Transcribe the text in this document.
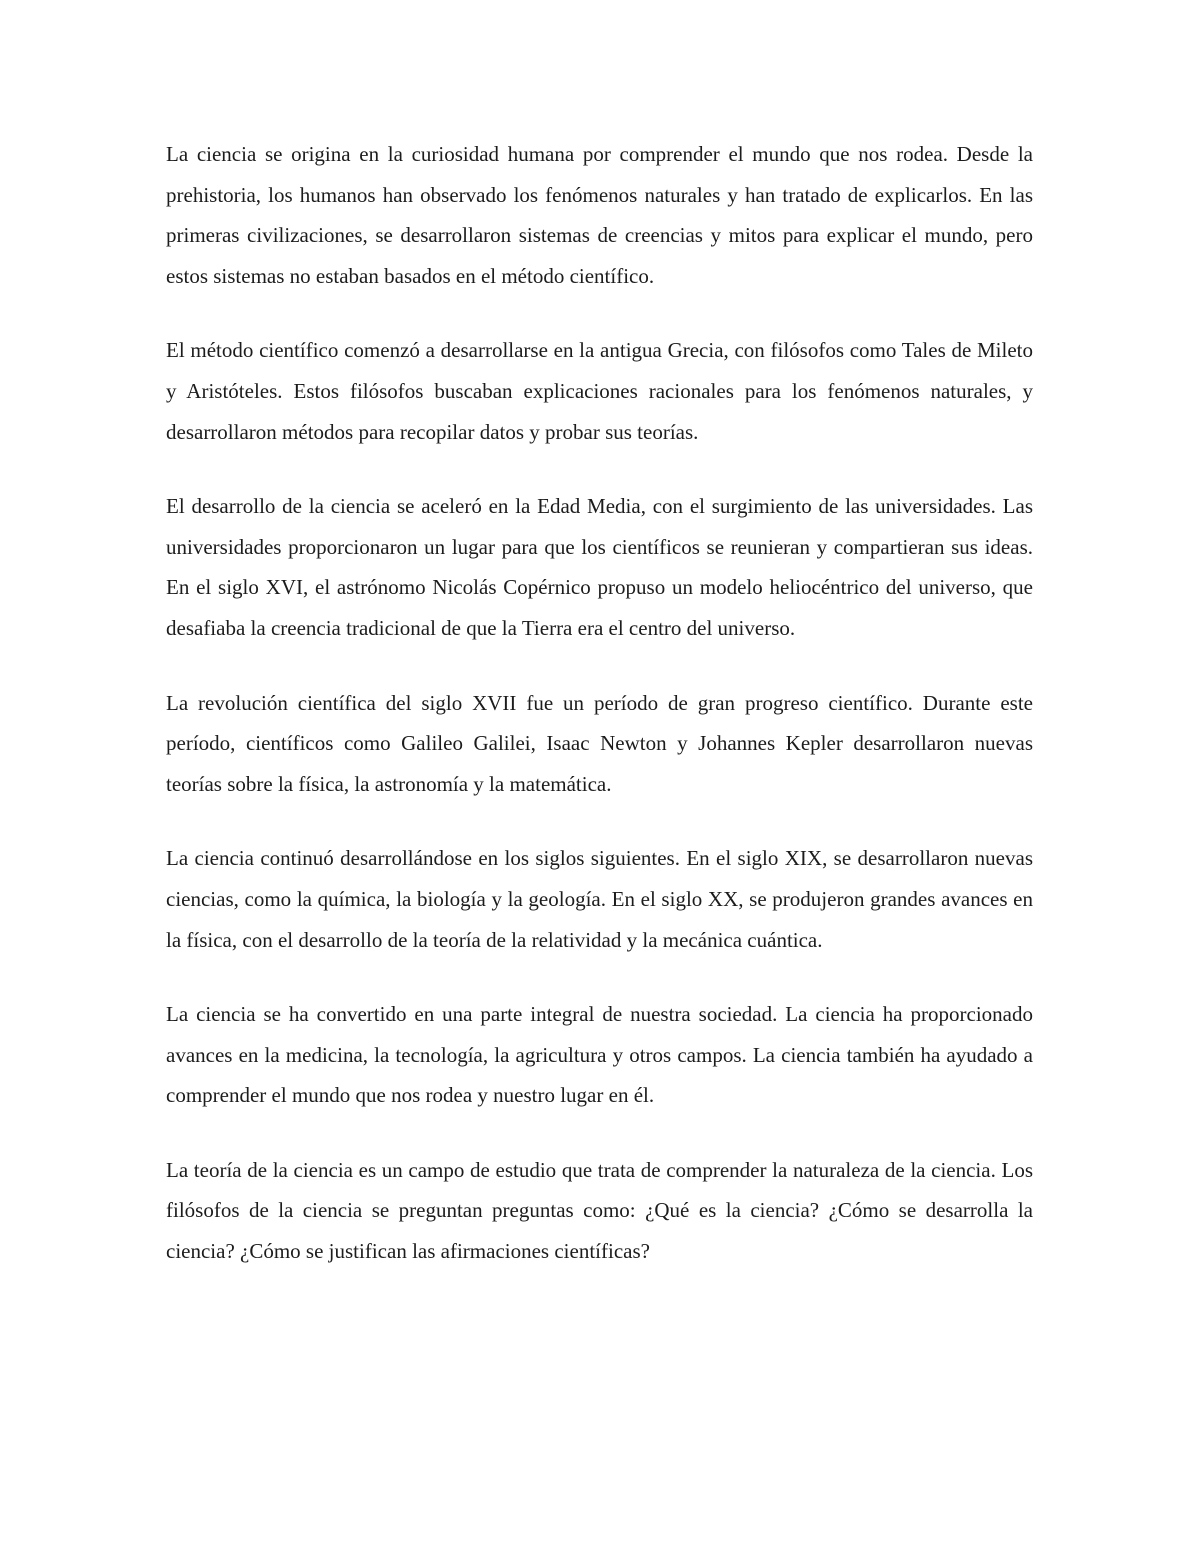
La ciencia se origina en la curiosidad humana por comprender el mundo que nos rodea. Desde la prehistoria, los humanos han observado los fenómenos naturales y han tratado de explicarlos. En las primeras civilizaciones, se desarrollaron sistemas de creencias y mitos para explicar el mundo, pero estos sistemas no estaban basados en el método científico.

El método científico comenzó a desarrollarse en la antigua Grecia, con filósofos como Tales de Mileto y Aristóteles. Estos filósofos buscaban explicaciones racionales para los fenómenos naturales, y desarrollaron métodos para recopilar datos y probar sus teorías.

El desarrollo de la ciencia se aceleró en la Edad Media, con el surgimiento de las universidades. Las universidades proporcionaron un lugar para que los científicos se reunieran y compartieran sus ideas. En el siglo XVI, el astrónomo Nicolás Copérnico propuso un modelo heliocéntrico del universo, que desafiaba la creencia tradicional de que la Tierra era el centro del universo.

La revolución científica del siglo XVII fue un período de gran progreso científico. Durante este período, científicos como Galileo Galilei, Isaac Newton y Johannes Kepler desarrollaron nuevas teorías sobre la física, la astronomía y la matemática.

La ciencia continuó desarrollándose en los siglos siguientes. En el siglo XIX, se desarrollaron nuevas ciencias, como la química, la biología y la geología. En el siglo XX, se produjeron grandes avances en la física, con el desarrollo de la teoría de la relatividad y la mecánica cuántica.

La ciencia se ha convertido en una parte integral de nuestra sociedad. La ciencia ha proporcionado avances en la medicina, la tecnología, la agricultura y otros campos. La ciencia también ha ayudado a comprender el mundo que nos rodea y nuestro lugar en él.

La teoría de la ciencia es un campo de estudio que trata de comprender la naturaleza de la ciencia. Los filósofos de la ciencia se preguntan preguntas como: ¿Qué es la ciencia? ¿Cómo se desarrolla la ciencia? ¿Cómo se justifican las afirmaciones científicas?
